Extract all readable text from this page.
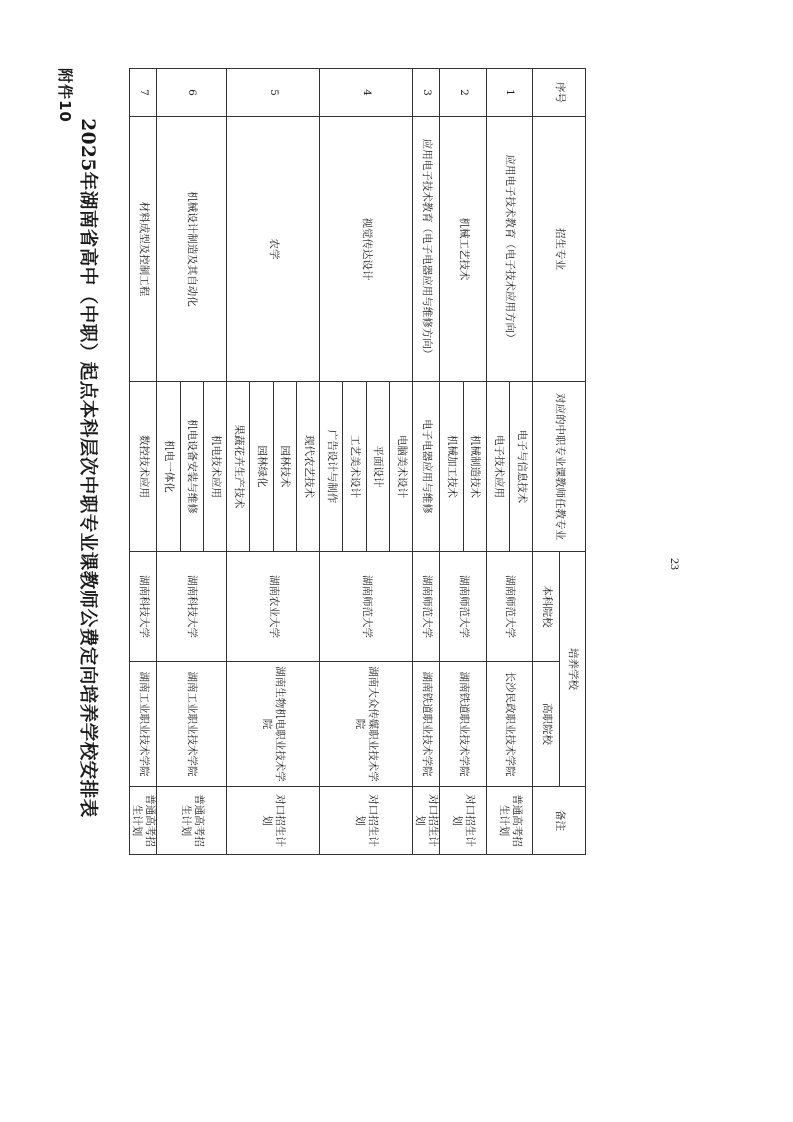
2025年湖南省高中（中职）起点本科层次中职专业课教师公费定向培养学校安排表
序号	招生专业	对应的中职专业课教师任教专业	培养学校		备注
			本科院校	高职院校	
1	应用电子技术教育（电子技术应用方向）	电子与信息技术	湖南师范大学	长沙民政职业技术学院	普通高考招生计划
		电子技术应用			
2	机械工艺技术	机械制造技术	湖南师范大学	湖南铁道职业技术学院	对口招生计划
		机械加工技术			
3	应用电子技术教育（电子电器应用与维修方向）	电子电器应用与维修	湖南师范大学	湖南铁道职业技术学院	对口招生计划
4	视觉传达设计	电脑美术设计	湖南师范大学	湖南大众传媒职业技术学院	对口招生计划
		平面设计			
		工艺美术设计			
		广告设计与制作			
5	农学	现代农艺技术	湖南农业大学	湖南生物机电职业技术学院	对口招生计划
		园林技术			
		园林绿化			
		果蔬花卉生产技术			
6	机械设计制造及其自动化	机电技术应用	湖南科技大学	湖南工业职业技术学院	普通高考招生计划
		机电设备安装与维修			
		机电一体化			
7	材料成型及控制工程	数控技术应用	湖南科技大学	湖南工业职业技术学院	普通高考招生计划
附件10
23
